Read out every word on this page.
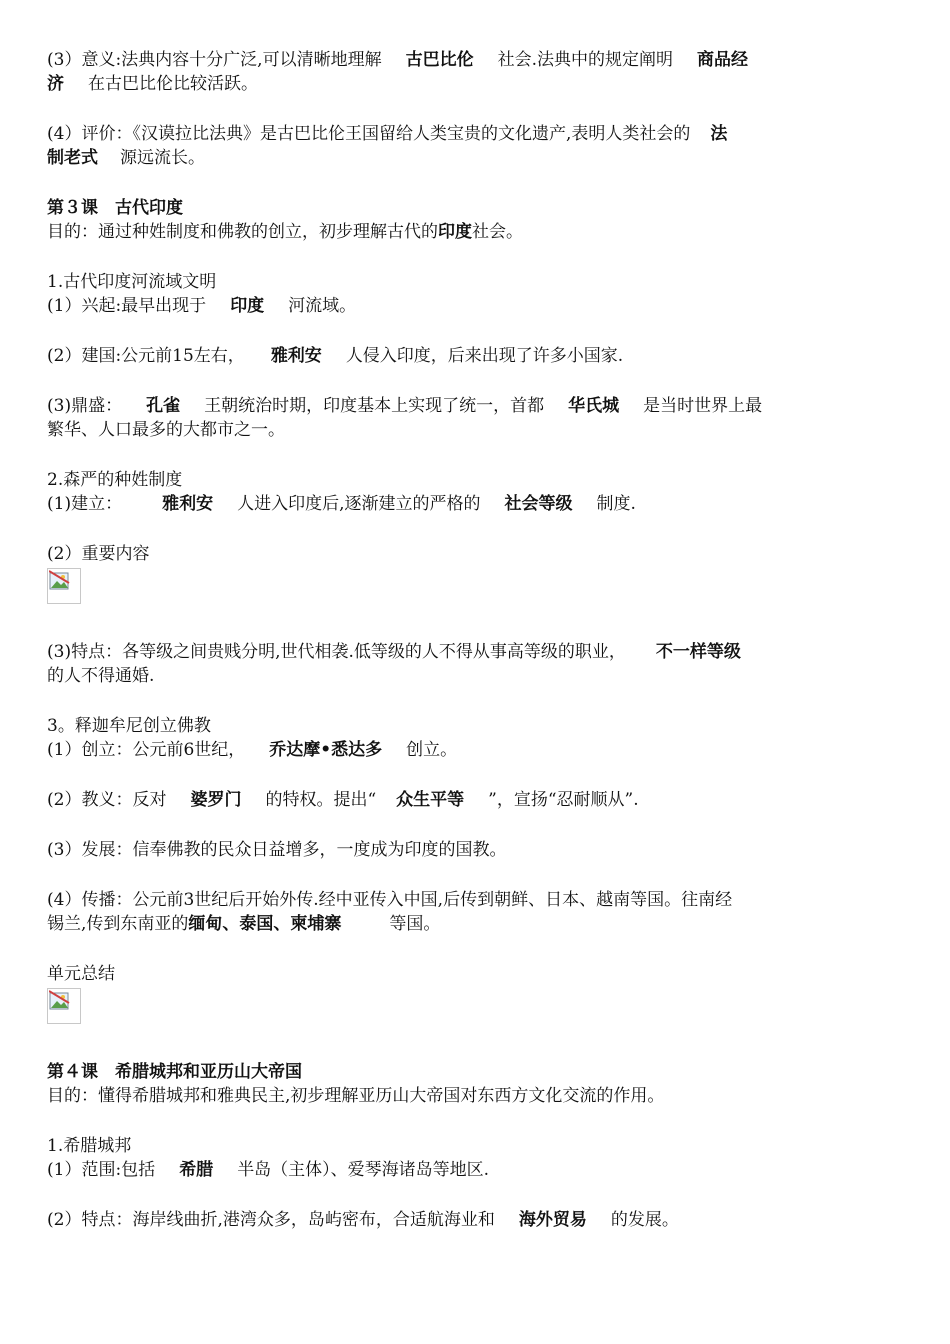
(3）意义:法典内容十分广泛,可以清晰地理解 古巴比伦 社会.法典中的规定阐明 商品经
济 在古巴比伦比较活跃。
(4）评价：《汉谟拉比法典》是古巴比伦王国留给人类宝贵的文化遗产,表明人类社会的 法
制老式 源远流长。
第３课　古代印度
目的：通过种姓制度和佛教的创立，初步理解古代的印度社会。
1.古代印度河流域文明
(1）兴起:最早出现于 印度 河流域。
(2）建国:公元前15左右， 雅利安 人侵入印度，后来出现了许多小国家.
(3)鼎盛： 孔雀 王朝统治时期，印度基本上实现了统一，首都 华氏城 是当时世界上最
繁华、人口最多的大都市之一。
2.森严的种姓制度
(1)建立： 雅利安 人进入印度后,逐渐建立的严格的 社会等级 制度.
(2）重要内容
(3)特点：各等级之间贵贱分明,世代相袭.低等级的人不得从事高等级的职业， 不一样等级
的人不得通婚.
3。释迦牟尼创立佛教
(1）创立：公元前6世纪， 乔达摩•悉达多 创立。
(2）教义：反对 婆罗门 的特权。提出“ 众生平等 ”，宣扬“忍耐顺从”.
(3）发展：信奉佛教的民众日益增多，一度成为印度的国教。
(4）传播：公元前3世纪后开始外传.经中亚传入中国,后传到朝鲜、日本、越南等国。往南经
锡兰,传到东南亚的缅甸、泰国、柬埔寨	等国。
单元总结
第４课　希腊城邦和亚历山大帝国
目的：懂得希腊城邦和雅典民主,初步理解亚历山大帝国对东西方文化交流的作用。
1.希腊城邦
(1）范围:包括 希腊 半岛（主体）、爱琴海诸岛等地区.
(2）特点：海岸线曲折,港湾众多，岛屿密布，合适航海业和 海外贸易 的发展。
